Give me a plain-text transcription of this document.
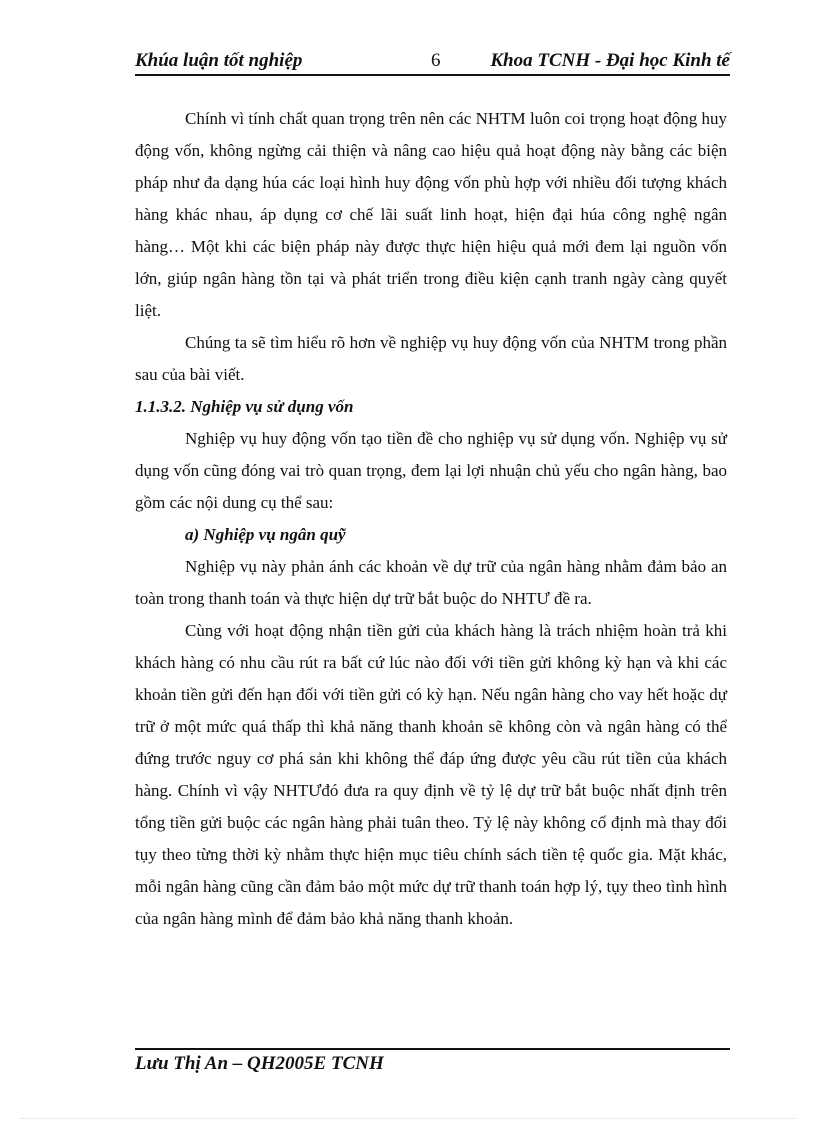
Khúa luận tốt nghiệp	6	Khoa TCNH - Đại học Kinh tế

Chính vì tính chất quan trọng trên nên các NHTM luôn coi trọng hoạt động huy động vốn, không ngừng cải thiện và nâng cao hiệu quả hoạt động này bằng các biện pháp như đa dạng húa các loại hình huy động vốn phù hợp với nhiều đối tượng khách hàng khác nhau, áp dụng cơ chế lãi suất linh hoạt, hiện đại húa công nghệ ngân hàng… Một khi các biện pháp này được thực hiện hiệu quả mới đem lại nguồn vốn lớn, giúp ngân hàng tồn tại và phát triển trong điều kiện cạnh tranh ngày càng quyết liệt.

Chúng ta sẽ tìm hiểu rõ hơn về nghiệp vụ huy động vốn của NHTM trong phần sau của bài viết.

1.1.3.2. Nghiệp vụ sử dụng vốn

Nghiệp vụ huy động vốn tạo tiền đề cho nghiệp vụ sử dụng vốn. Nghiệp vụ sử dụng vốn cũng đóng vai trò quan trọng, đem lại lợi nhuận chủ yếu cho ngân hàng, bao gồm các nội dung cụ thể sau:

a) Nghiệp vụ ngân quỹ

Nghiệp vụ này phản ánh các khoản về dự trữ của ngân hàng nhằm đảm bảo an toàn trong thanh toán và thực hiện dự trữ bắt buộc do NHTƯ đề ra.

Cùng với hoạt động nhận tiền gửi của khách hàng là trách nhiệm hoàn trả khi khách hàng có nhu cầu rút ra bất cứ lúc nào đối với tiền gửi không kỳ hạn và khi các khoản tiền gửi đến hạn đối với tiền gửi có kỳ hạn. Nếu ngân hàng cho vay hết hoặc dự trữ ở một mức quá thấp thì khả năng thanh khoản sẽ không còn và ngân hàng có thể đứng trước nguy cơ phá sản khi không thể đáp ứng được yêu cầu rút tiền của khách hàng. Chính vì vậy NHTƯđó đưa ra quy định về tỷ lệ dự trữ bắt buộc nhất định trên tổng tiền gửi buộc các ngân hàng phải tuân theo. Tỷ lệ này không cố định mà thay đổi tụy theo từng thời kỳ nhằm thực hiện mục tiêu chính sách tiền tệ quốc gia. Mặt khác, mỗi ngân hàng cũng cần đảm bảo một mức dự trữ thanh toán hợp lý, tụy theo tình hình của ngân hàng mình để đảm bảo khả năng thanh khoản.

Lưu Thị An – QH2005E TCNH
